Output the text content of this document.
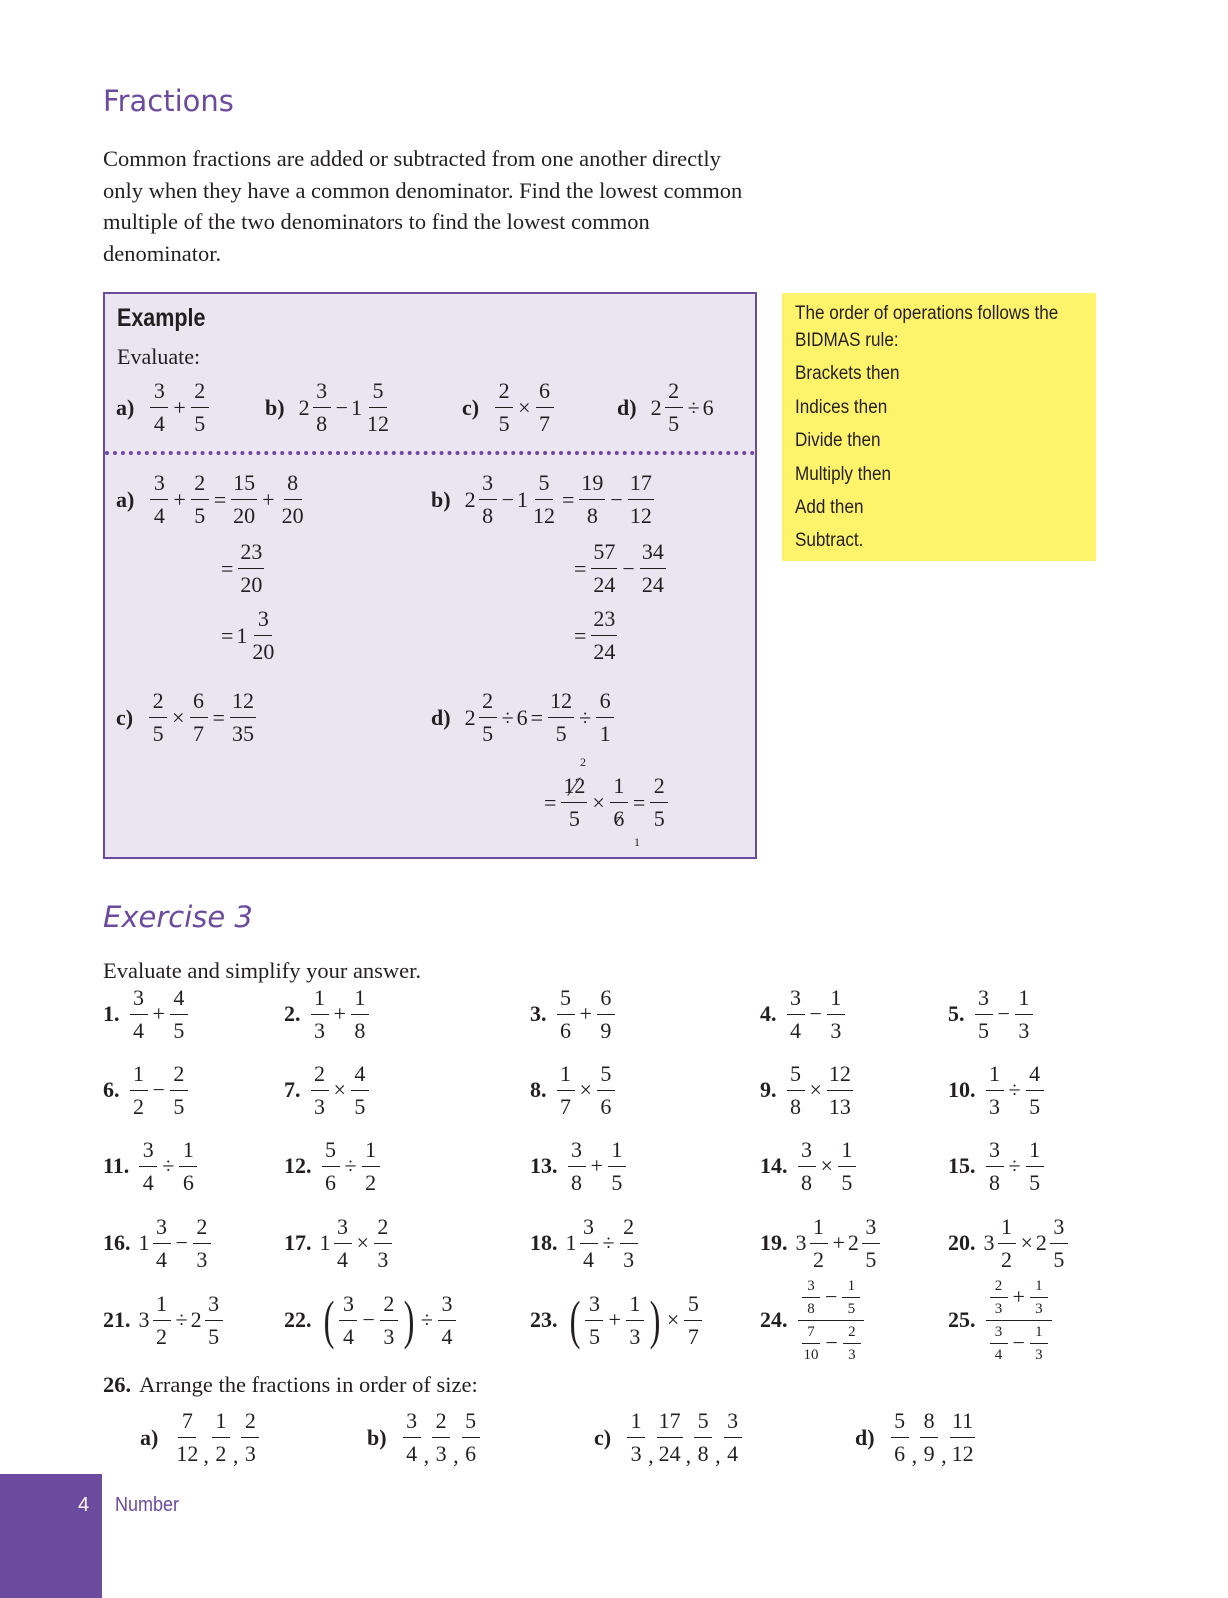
Fractions

Common fractions are added or subtracted from one another directly only when they have a common denominator. Find the lowest common multiple of the two denominators to find the lowest common denominator.

Example
Evaluate:
$a) \frac{3}{4} + \frac{2}{5}$	b) $2 \frac{3}{8} - 1 \frac{5}{12}$	$c) \frac{2}{5} \times \frac{6}{7}$	d) $2 \frac{2}{5} \div 6$
$a) \frac{3}{4} + \frac{2}{5} = \frac{15}{20} + \frac{8}{20}$
= $\frac{23}{20}$
= $1 \frac{3}{20}$
b) $2 \frac{3}{8} - 1 \frac{5}{12} = \frac{19}{8} - \frac{17}{12}$
= $\frac{57}{24} - \frac{34}{24}$
= $\frac{23}{24}$
$c) \frac{2}{5} \times \frac{6}{7} = \frac{12}{35}$	d) $2 \frac{2}{5} \div 6 = \frac{12}{5} \div \frac{6}{1}$
= $\frac{12}{5} \times \frac{1}{6} = \frac{2}{5}$
2
1
The order of operations follows the
BIDMAS rule:
Brackets then
Indices then
Divide then
Multiply then
Add then
Subtract.
Exercise 3
Evaluate and simplify your answer.
1. $\frac{3}{4} + \frac{4}{5}$	2. $\frac{1}{3} + \frac{1}{8}$	3. $\frac{5}{6} + \frac{6}{9}$	4. $\frac{3}{4} - \frac{1}{3}$	5. $\frac{3}{5} - \frac{1}{3}$
6. $\frac{1}{2} - \frac{2}{5}$	7. $\frac{2}{3} \times \frac{4}{5}$	8. $\frac{1}{7} \times \frac{5}{6}$	9. $\frac{5}{8} \times \frac{12}{13}$	10. $\frac{1}{3} \div \frac{4}{5}$
11. $\frac{3}{4} \div \frac{1}{6}$	12. $\frac{5}{6} \div \frac{1}{2}$	13. $\frac{3}{8} + \frac{1}{5}$	14. $\frac{3}{8} \times \frac{1}{5}$	15. $\frac{3}{8} \div \frac{1}{5}$
16. $1 \frac{3}{4} - \frac{2}{3}$	17. $1 \frac{3}{4} \times \frac{2}{3}$	18. $1 \frac{3}{4} \div \frac{2}{3}$	19. $3 \frac{1}{2} + 2 \frac{3}{5}$	20. $3 \frac{1}{2} \times 2 \frac{3}{5}$
21. $3 \frac{1}{2} \div 2 \frac{3}{5}$	22. ( $\frac{3}{4} - \frac{2}{3}$ ) ÷ $\frac{3}{4}$	23. ( $\frac{3}{5} + \frac{1}{3}$ ) × $\frac{5}{7}$	24. $\frac{\frac{3}{8} - \frac{1}{5}}{\frac{7}{10} - \frac{2}{3}}$	25. $\frac{\frac{2}{3} + \frac{1}{3}}{\frac{3}{4} - \frac{1}{3}}$
$a) \frac{7}{12}$ , $\frac{1}{2}$ , $\frac{2}{3}$	$b) \frac{3}{4}$ , $\frac{2}{3}$ , $\frac{5}{6}$	$c) \frac{1}{3}$ , $\frac{17}{24}$ , $\frac{5}{8}$ , $\frac{3}{4}$	$d) \frac{5}{6}$ , $\frac{8}{9}$ , $\frac{11}{12}$
26. Arrange the fractions in order of size:
4 Number
